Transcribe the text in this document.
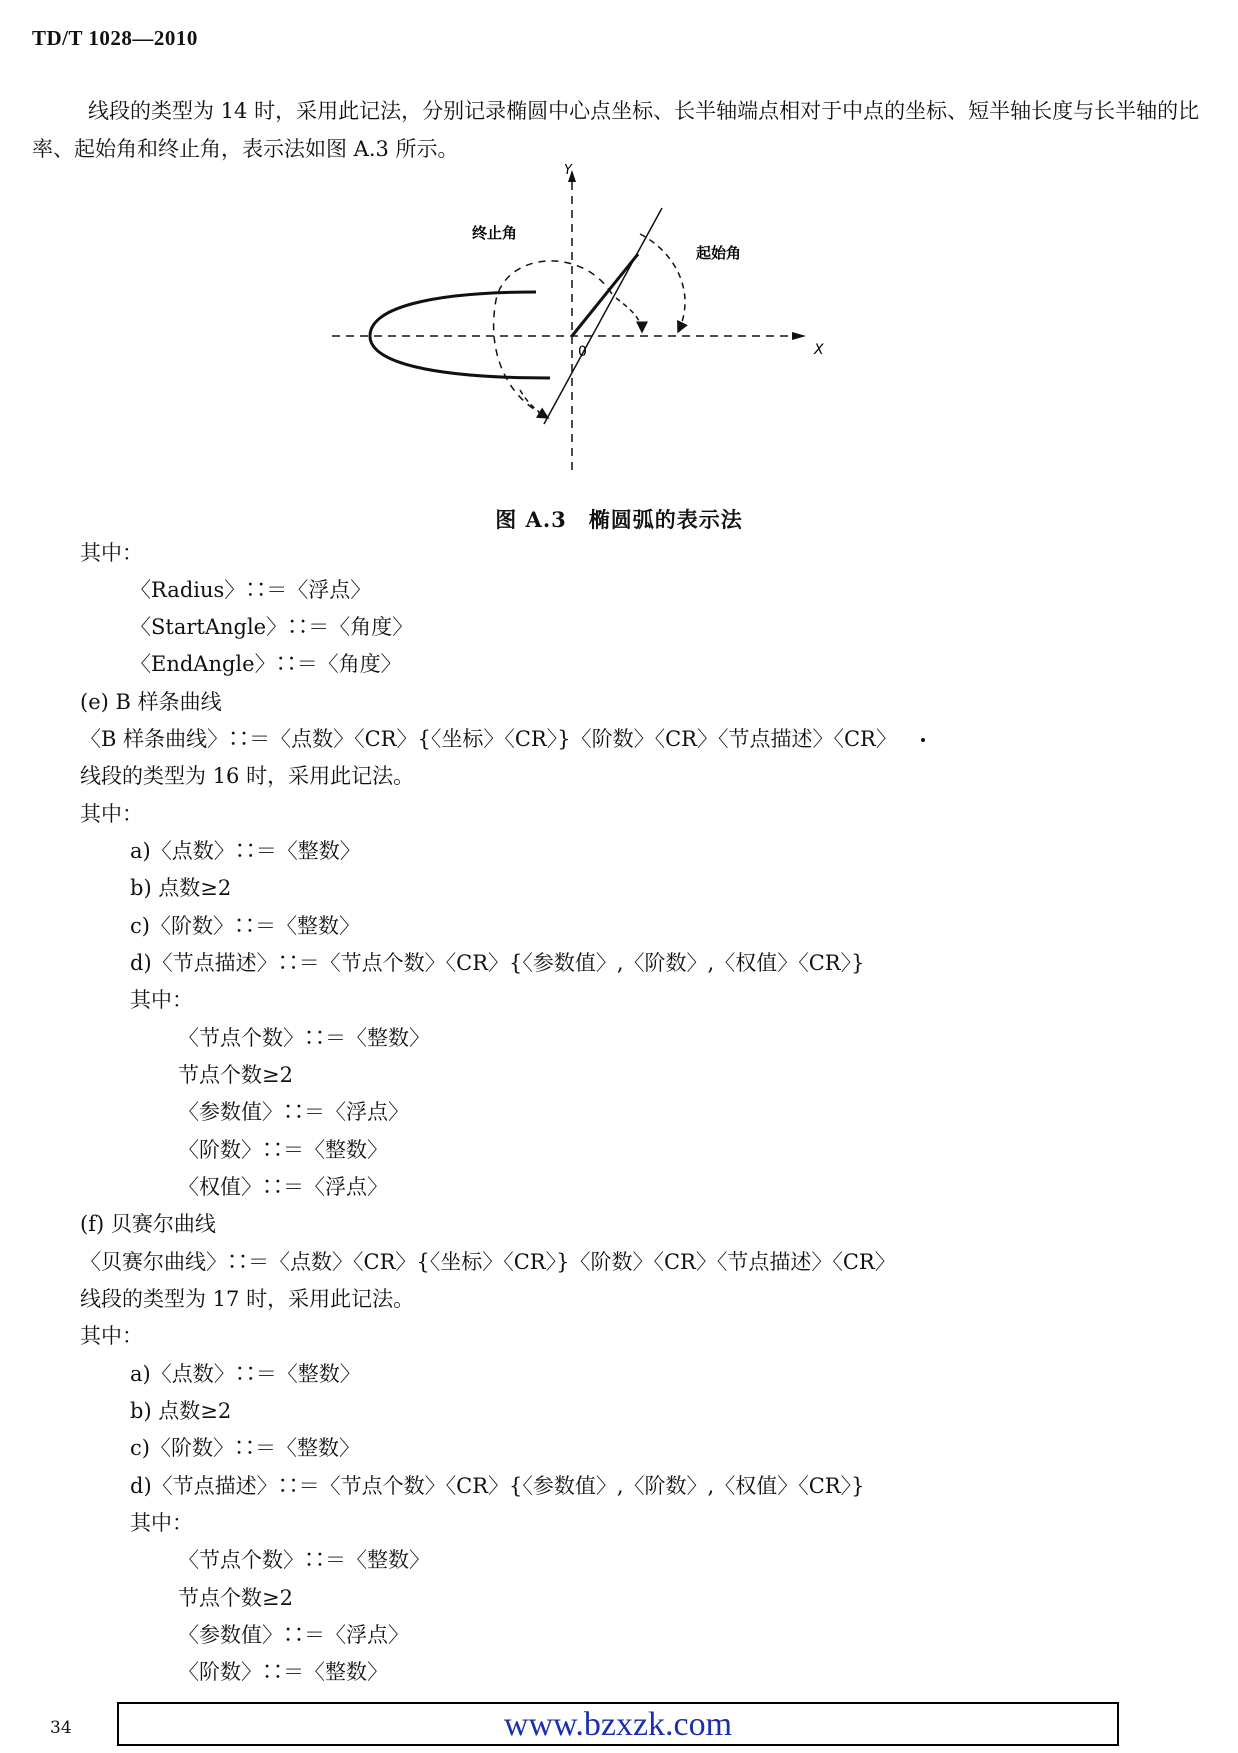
TD/T 1028—2010
线段的类型为 14 时，采用此记法，分别记录椭圆中心点坐标、长半轴端点相对于中点的坐标、短半轴长度与长半轴的比率、起始角和终止角，表示法如图 A.3 所示。
Y
X
0
终止角
起始角
图 A.3　椭圆弧的表示法
其中：
〈Radius〉∷＝〈浮点〉
〈StartAngle〉∷＝〈角度〉
〈EndAngle〉∷＝〈角度〉
(e) B 样条曲线
〈B 样条曲线〉∷＝〈点数〉〈CR〉{〈坐标〉〈CR〉}〈阶数〉〈CR〉〈节点描述〉〈CR〉
线段的类型为 16 时，采用此记法。
其中：
a)〈点数〉∷＝〈整数〉
b) 点数≥2
c)〈阶数〉∷＝〈整数〉
d)〈节点描述〉∷＝〈节点个数〉〈CR〉{〈参数值〉,〈阶数〉,〈权值〉〈CR〉}
其中：
〈节点个数〉∷＝〈整数〉
节点个数≥2
〈参数值〉∷＝〈浮点〉
〈阶数〉∷＝〈整数〉
〈权值〉∷＝〈浮点〉
(f) 贝赛尔曲线
〈贝赛尔曲线〉∷＝〈点数〉〈CR〉{〈坐标〉〈CR〉}〈阶数〉〈CR〉〈节点描述〉〈CR〉
线段的类型为 17 时，采用此记法。
其中：
a)〈点数〉∷＝〈整数〉
b) 点数≥2
c)〈阶数〉∷＝〈整数〉
d)〈节点描述〉∷＝〈节点个数〉〈CR〉{〈参数值〉,〈阶数〉,〈权值〉〈CR〉}
其中：
〈节点个数〉∷＝〈整数〉
节点个数≥2
〈参数值〉∷＝〈浮点〉
〈阶数〉∷＝〈整数〉
34	www.bzxzk.com
